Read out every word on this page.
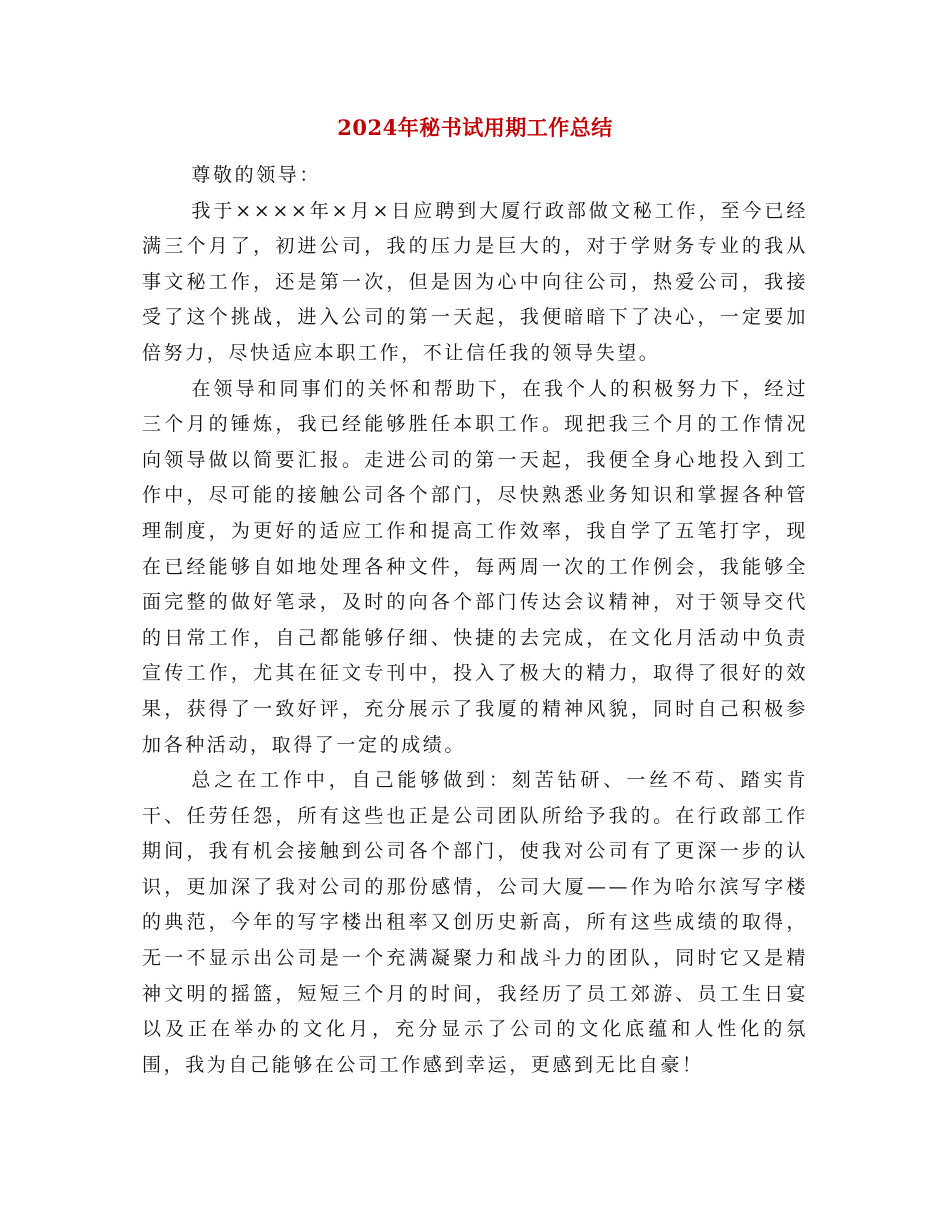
2024年秘书试用期工作总结

尊敬的领导：

我于××××年×月×日应聘到大厦行政部做文秘工作，至今已经满三个月了，初进公司，我的压力是巨大的，对于学财务专业的我从事文秘工作，还是第一次，但是因为心中向往公司，热爱公司，我接受了这个挑战，进入公司的第一天起，我便暗暗下了决心，一定要加倍努力，尽快适应本职工作，不让信任我的领导失望。

在领导和同事们的关怀和帮助下，在我个人的积极努力下，经过三个月的锤炼，我已经能够胜任本职工作。现把我三个月的工作情况向领导做以简要汇报。走进公司的第一天起，我便全身心地投入到工作中，尽可能的接触公司各个部门，尽快熟悉业务知识和掌握各种管理制度，为更好的适应工作和提高工作效率，我自学了五笔打字，现在已经能够自如地处理各种文件，每两周一次的工作例会，我能够全面完整的做好笔录，及时的向各个部门传达会议精神，对于领导交代的日常工作，自己都能够仔细、快捷的去完成，在文化月活动中负责宣传工作，尤其在征文专刊中，投入了极大的精力，取得了很好的效果，获得了一致好评，充分展示了我厦的精神风貌，同时自己积极参加各种活动，取得了一定的成绩。

总之在工作中，自己能够做到：刻苦钻研、一丝不苟、踏实肯干、任劳任怨，所有这些也正是公司团队所给予我的。在行政部工作期间，我有机会接触到公司各个部门，使我对公司有了更深一步的认识，更加深了我对公司的那份感情，公司大厦——作为哈尔滨写字楼的典范，今年的写字楼出租率又创历史新高，所有这些成绩的取得，无一不显示出公司是一个充满凝聚力和战斗力的团队，同时它又是精神文明的摇篮，短短三个月的时间，我经历了员工郊游、员工生日宴以及正在举办的文化月，充分显示了公司的文化底蕴和人性化的氛围，我为自己能够在公司工作感到幸运，更感到无比自豪！
